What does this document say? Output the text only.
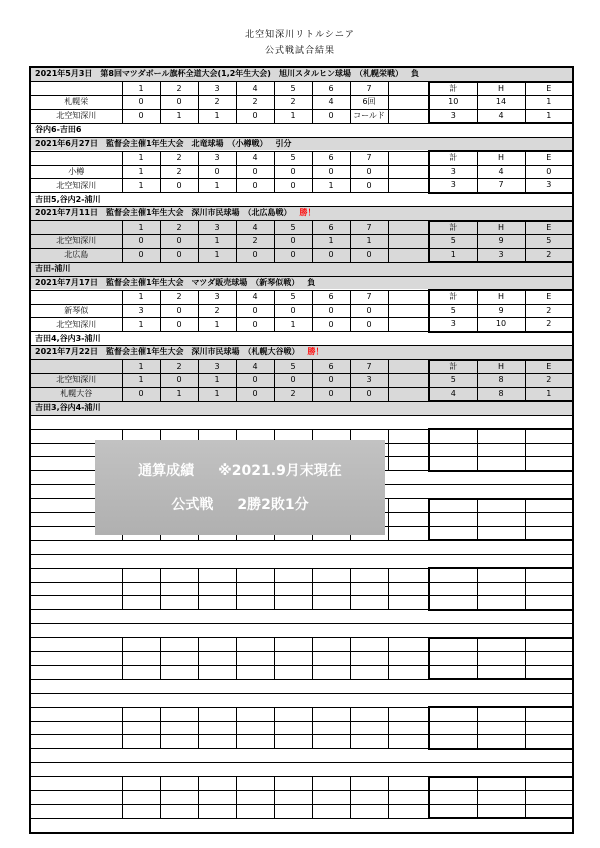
北空知深川リトルシニア
公式戦試合結果
2021年5月3日　第8回マツダボール旗杯全道大会(1,2年生大会)　旭川スタルヒン球場　（札幌栄戦） 負											
	1	2	3	4	5	6	7		計	H	E
札幌栄	0	0	2	2	2	4	6回		10	14	1
北空知深川	0	1	1	0	1	0	コールド		3	4	1
谷内6-吉田6											
2021年6月27日　監督会主催1年生大会　北竜球場　（小樽戦） 引分											
	1	2	3	4	5	6	7		計	H	E
小樽	1	2	0	0	0	0	0		3	4	0
北空知深川	1	0	1	0	0	1	0		3	7	3
吉田5,谷内2-浦川											
2021年7月11日　監督会主催1年生大会　深川市民球場　（北広島戦） 勝！											
	1	2	3	4	5	6	7		計	H	E
北空知深川	0	0	1	2	0	1	1		5	9	5
北広島	0	0	1	0	0	0	0		1	3	2
吉田-浦川											
2021年7月17日　監督会主催1年生大会　マツダ販売球場　（新琴似戦） 負											
	1	2	3	4	5	6	7		計	H	E
新琴似	3	0	2	0	0	0	0		5	9	2
北空知深川	1	0	1	0	1	0	0		3	10	2
吉田4,谷内3-浦川											
2021年7月22日　監督会主催1年生大会　深川市民球場　（札幌大谷戦） 勝！											
	1	2	3	4	5	6	7		計	H	E
北空知深川	1	0	1	0	0	0	3		5	8	2
札幌大谷	0	1	1	0	2	0	0		4	8	1
吉田3,谷内4-浦川											

通算成績 ※2021.9月末現在
公式戦 2勝2敗1分
